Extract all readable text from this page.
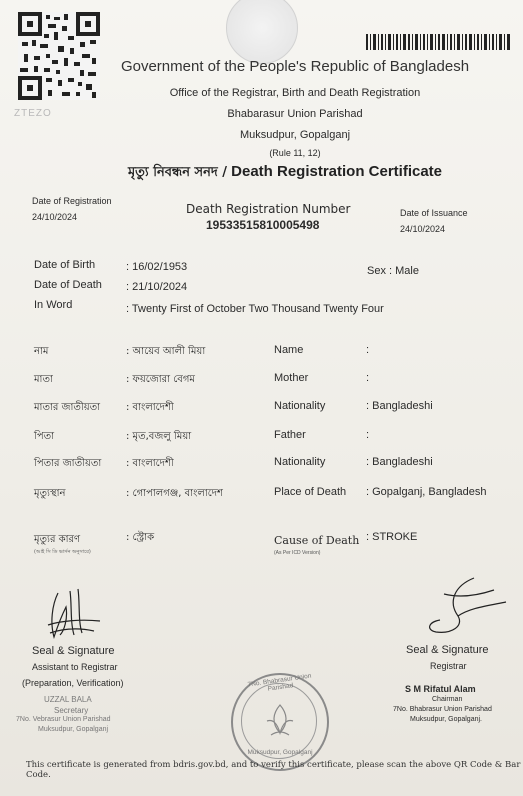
ZTEZO
Government of the People's Republic of Bangladesh
Office of the Registrar, Birth and Death Registration
Bhabarasur Union Parishad
Muksudpur, Gopalganj
(Rule 11, 12)
মৃত্যু নিবন্ধন সনদ / Death Registration Certificate
Date of Registration
24/10/2024
Death Registration Number
19533515810005498
Date of Issuance
24/10/2024
Date of Birth	: 16/02/1953
Date of Death : 21/10/2024
In Word	: Twenty First of October Two Thousand Twenty Four
Sex : Male
নাম	: আয়েব আলী মিয়া	Name	:
মাতা	: ফয়জোরা বেগম	Mother	:
মাতার জাতীয়তা	: বাংলাদেশী	Nationality	: Bangladeshi
পিতা	: মৃত,বজলু মিয়া	Father	:
পিতার জাতীয়তা : বাংলাদেশী	Nationality	: Bangladeshi
মৃত্যুস্থান	: গোপালগঞ্জ, বাংলাদেশ	Place of Death : Gopalganj, Bangladesh
মৃত্যুর কারণ
(আই সি ডি ভার্সন অনুসারে)
: স্ট্রোক	Cause of Death
(As Per ICD Version)
: STROKE
Seal & Signature
Assistant to Registrar
(Preparation, Verification)
UZZAL BALA
Secretary
7No. Vebrasur Union Parishad
Muksudpur, Gopalganj
7No. Bhabrasur Union Parishad
Muksudpur, Gopalganj
Seal & Signature
Registrar
S M Rifatul Alam
Chairman
7No. Bhabrasur Union Parishad
Muksudpur, Gopalganj.
This certificate is generated from bdris.gov.bd, and to verify this certificate, please scan the above QR Code & Bar Code.
